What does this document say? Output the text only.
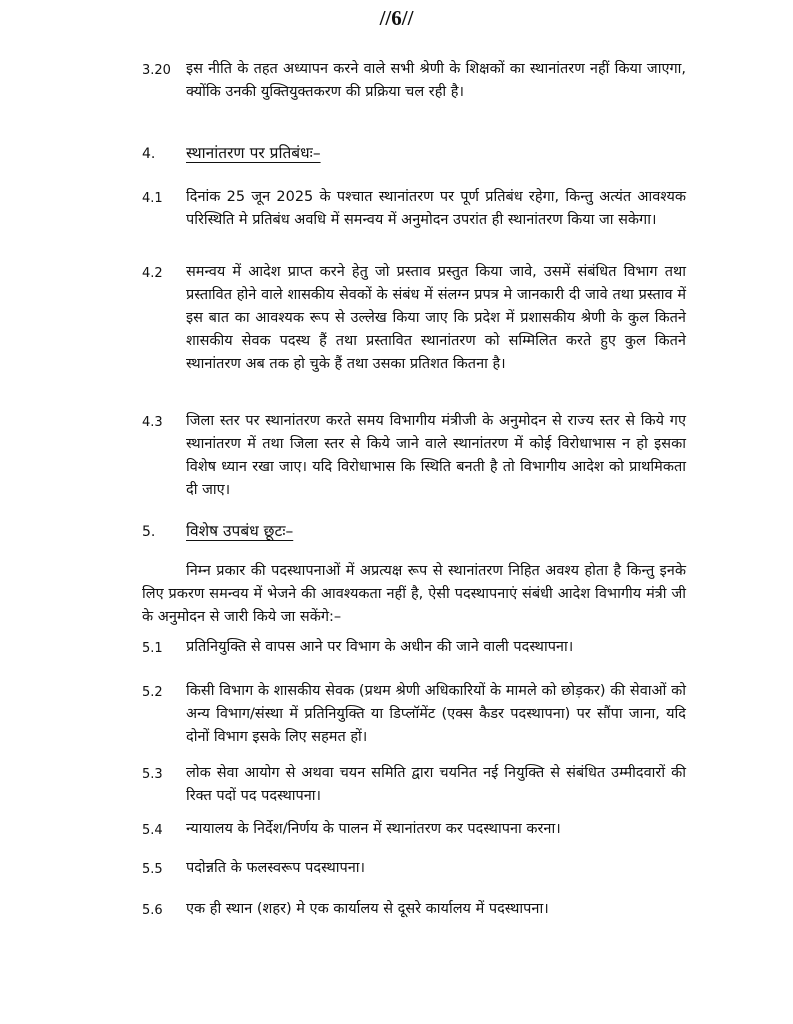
//6//
3.20	इस नीति के तहत अध्यापन करने वाले सभी श्रेणी के शिक्षकों का स्थानांतरण नहीं किया जाएगा, क्योंकि उनकी युक्तियुक्तकरण की प्रक्रिया चल रही है।
4.	स्थानांतरण पर प्रतिबंधः–
4.1	दिनांक 25 जून 2025 के पश्चात स्थानांतरण पर पूर्ण प्रतिबंध रहेगा, किन्तु अत्यंत आवश्यक परिस्थिति मे प्रतिबंध अवधि में समन्वय में अनुमोदन उपरांत ही स्थानांतरण किया जा सकेगा।
4.2	समन्वय में आदेश प्राप्त करने हेतु जो प्रस्ताव प्रस्तुत किया जावे, उसमें संबंधित विभाग तथा प्रस्तावित होने वाले शासकीय सेवकों के संबंध में संलग्न प्रपत्र मे जानकारी दी जावे तथा प्रस्ताव में इस बात का आवश्यक रूप से उल्लेख किया जाए कि प्रदेश में प्रशासकीय श्रेणी के कुल कितने शासकीय सेवक पदस्थ हैं तथा प्रस्तावित स्थानांतरण को सम्मिलित करते हुए कुल कितने स्थानांतरण अब तक हो चुके हैं तथा उसका प्रतिशत कितना है।
4.3	जिला स्तर पर स्थानांतरण करते समय विभागीय मंत्रीजी के अनुमोदन से राज्य स्तर से किये गए स्थानांतरण में तथा जिला स्तर से किये जाने वाले स्थानांतरण में कोई विरोधाभास न हो इसका विशेष ध्यान रखा जाए। यदि विरोधाभास कि स्थिति बनती है तो विभागीय आदेश को प्राथमिकता दी जाए।
5.	विशेष उपबंध छूटः–
निम्न प्रकार की पदस्थापनाओं में अप्रत्यक्ष रूप से स्थानांतरण निहित अवश्य होता है किन्तु इनके लिए प्रकरण समन्वय में भेजने की आवश्यकता नहीं है, ऐसी पदस्थापनाएं संबंधी आदेश विभागीय मंत्री जी के अनुमोदन से जारी किये जा सकेंगे:–
5.1	प्रतिनियुक्ति से वापस आने पर विभाग के अधीन की जाने वाली पदस्थापना।
5.2	किसी विभाग के शासकीय सेवक (प्रथम श्रेणी अधिकारियों के मामले को छोड़कर) की सेवाओं को अन्य विभाग/संस्था में प्रतिनियुक्ति या डिप्लॉमेंट (एक्स कैडर पदस्थापना) पर सौंपा जाना, यदि दोनों विभाग इसके लिए सहमत हों।
5.3	लोक सेवा आयोग से अथवा चयन समिति द्वारा चयनित नई नियुक्ति से संबंधित उम्मीदवारों की रिक्त पदों पद पदस्थापना।
5.4	न्यायालय के निर्देश/निर्णय के पालन में स्थानांतरण कर पदस्थापना करना।
5.5	पदोन्नति के फलस्वरूप पदस्थापना।
5.6	एक ही स्थान (शहर) मे एक कार्यालय से दूसरे कार्यालय में पदस्थापना।
